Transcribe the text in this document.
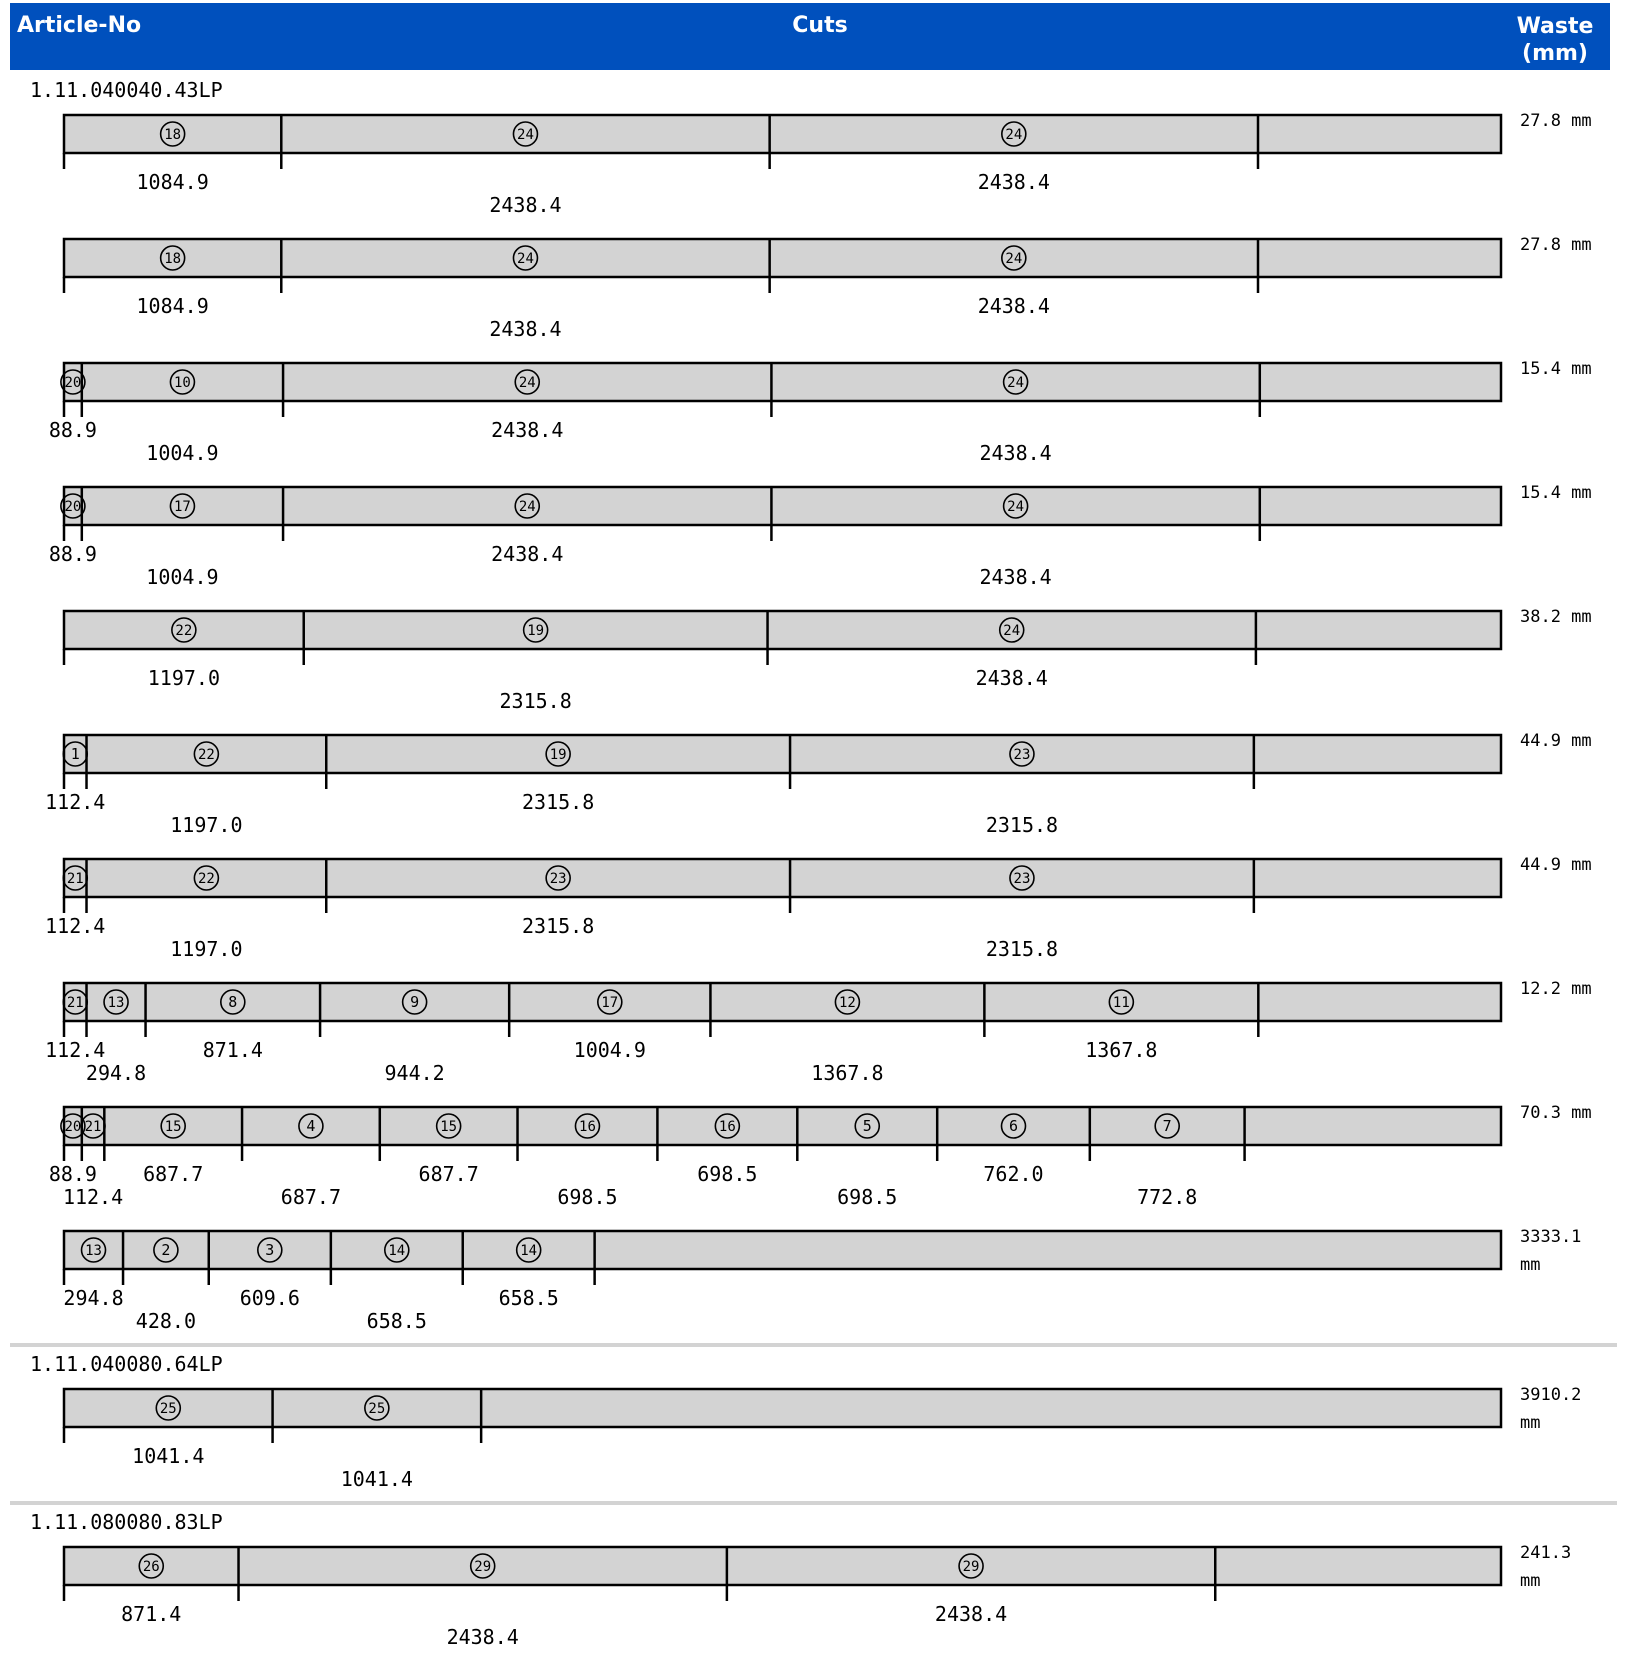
Article-No	Cuts	Waste
(mm)
1.11.040040.43LP
27.8 mm
18
1084.9
24
2438.4
24
2438.4
27.8 mm
18
1084.9
24
2438.4
24
2438.4
15.4 mm
20
88.9
10
1004.9
24
2438.4
24
2438.4
15.4 mm
20
88.9
17
1004.9
24
2438.4
24
2438.4
38.2 mm
22
1197.0
19
2315.8
24
2438.4
44.9 mm
1
112.4
22
1197.0
19
2315.8
23
2315.8
44.9 mm
21
112.4
22
1197.0
23
2315.8
23
2315.8
12.2 mm
21
112.4
13
294.8
8
871.4
9
944.2
17
1004.9
12
1367.8
11
1367.8
70.3 mm
20
88.9
21
112.4
15
687.7
4
687.7
15
687.7
16
698.5
16
698.5
5
698.5
6
762.0
7
772.8
3333.1 mm
13
294.8
2
428.0
3
609.6
14
658.5
14
658.5
1.11.040080.64LP
3910.2 mm
25
1041.4
25
1041.4
1.11.080080.83LP
241.3 mm
26
871.4
29
2438.4
29
2438.4
